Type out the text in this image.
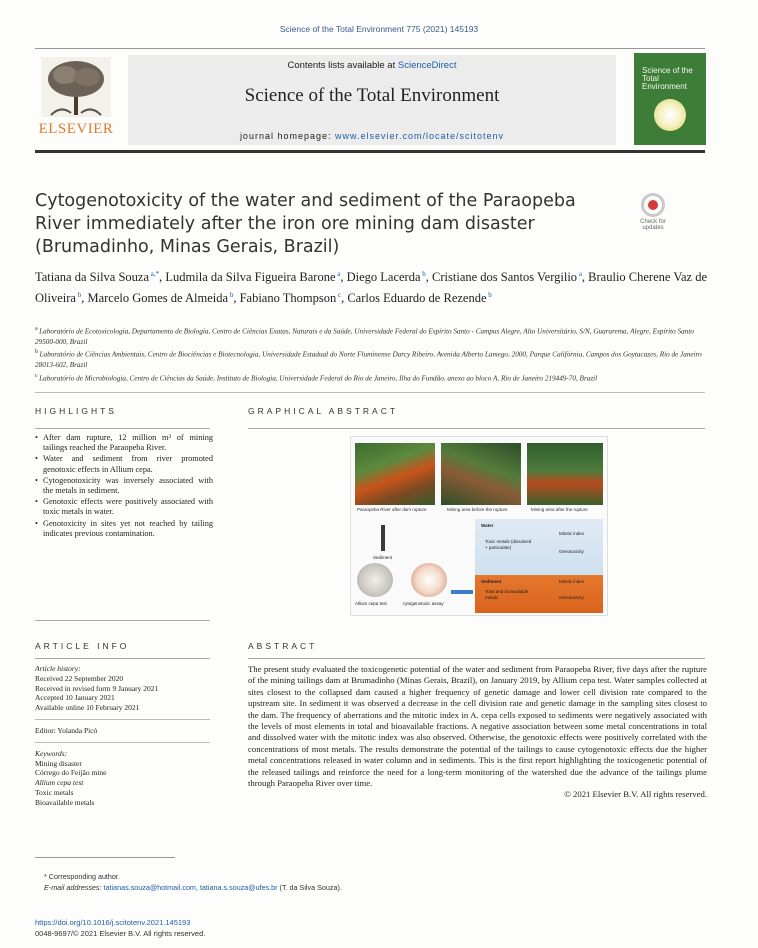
Science of the Total Environment 775 (2021) 145193
ELSEVIER
Contents lists available at ScienceDirect
Science of the Total Environment
journal homepage: www.elsevier.com/locate/scitotenv
Science of the Total Environment
Cytogenotoxicity of the water and sediment of the Paraopeba River immediately after the iron ore mining dam disaster (Brumadinho, Minas Gerais, Brazil)
Check for updates
Tatiana da Silva Souza $^{a,*}$, Ludmila da Silva Figueira Barone $^a$, Diego Lacerda $^b$, Cristiane dos Santos Vergilio $^a$, Braulio Cherene Vaz de Oliveira $^b$, Marcelo Gomes de Almeida $^b$, Fabiano Thompson $^c$, Carlos Eduardo de Rezende $^b$
$^a$ Laboratório de Ecotoxicologia, Departamento de Biologia, Centro de Ciências Exatas, Naturais e da Saúde, Universidade Federal do Espírito Santo - Campus Alegre, Alto Universitário, S/N, Guararema, Alegre, Espírito Santo 29500-000, Brazil
$^b$ Laboratório de Ciências Ambientais, Centro de Biociências e Biotecnologia, Universidade Estadual do Norte Fluminense Darcy Ribeiro, Avenida Alberto Lamego, 2000, Parque Califórnia, Campos dos Goytacazes, Rio de Janeiro 28013-602, Brazil
$^c$ Laboratório de Microbiologia, Centro de Ciências da Saúde, Instituto de Biologia, Universidade Federal do Rio de Janeiro, Ilha do Fundão, anexo ao bloco A, Rio de Janeiro 219449-70, Brazil
HIGHLIGHTS	GRAPHICAL ABSTRACT
• After dam rupture, 12 million m³ of mining tailings reached the Paraopeba River.
• Water and sediment from river promoted genotoxic effects in Allium cepa.
• Cytogenotoxicity was inversely associated with the metals in sediment.
• Genotoxic effects were positively associated with toxic metals in water.
• Genotoxicity in sites yet not reached by tailing indicates previous contamination.
Paraopeba River after dam rupture	Mining area before the rupture	Mining area after the rupture
Sediment
Allium cepa test	cytogenotoxic assay
Water
Toxic metals (dissolved + particulate)
Mitotic index
Genotoxicity
Sediment
Total and bioavailable metals
Mitotic index
Genotoxicity
ARTICLE INFO	ABSTRACT
Article history:
Received 22 September 2020
Received in revised form 9 January 2021
Accepted 10 January 2021
Available online 10 February 2021
Editor: Yolanda Picó
Keywords:
Mining disaster
Córrego do Feijão mine
Allium cepa test
Toxic metals
Bioavailable metals
The present study evaluated the toxicogenetic potential of the water and sediment from Paraopeba River, five days after the rupture of the mining tailings dam at Brumadinho (Minas Gerais, Brazil), on January 2019, by Allium cepa test. Water samples collected at sites closest to the collapsed dam caused a higher frequency of genetic damage and lower cell division rate compared to the upstream site. In sediment it was observed a decrease in the cell division rate and genetic damage in the sampling sites closest to the dam. The frequency of aberrations and the mitotic index in A. cepa cells exposed to sediments were negatively associated with the levels of most elements in total and bioavailable fractions. A negative association between some metal concentrations in total and dissolved water with the mitotic index was also observed. Otherwise, the genotoxic effects were positively correlated with the concentrations of most metals. The results demonstrate the potential of the tailings to cause cytogenotoxic effects due the higher metal concentrations released in water column and in sediments. This is the first report highlighting the toxicogenetic potential of the released tailings and reinforce the need for a long-term monitoring of the watershed due the advance of the tailings plume through Paraopeba River over time.
© 2021 Elsevier B.V. All rights reserved.
* Corresponding author.
E-mail addresses: tatianas.souza@hotmail.com, tatiana.s.souza@ufes.br (T. da Silva Souza).
https://doi.org/10.1016/j.scitotenv.2021.145193
0048-9697/© 2021 Elsevier B.V. All rights reserved.
